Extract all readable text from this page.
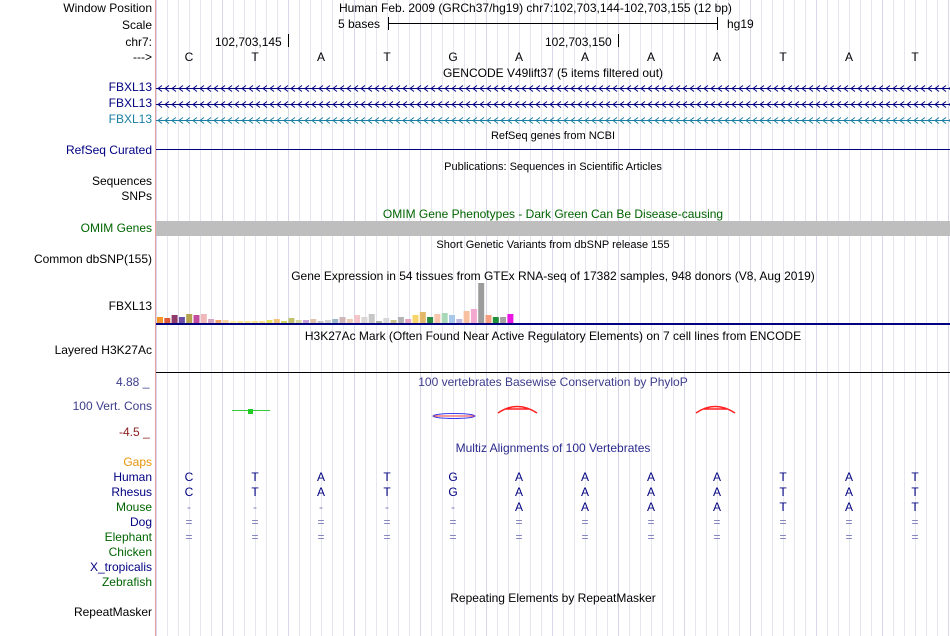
Window Position	Human Feb. 2009 (GRCh37/hg19) chr7:102,703,144-102,703,155 (12 bp)
Scale	5 bases	hg19
chr7:	102,703,145	102,703,150
--->	C	T	A	T	G	A	A	A	A	T	A	T
GENCODE V49lift37 (5 items filtered out)
FBXL13
FBXL13
FBXL13
RefSeq genes from NCBI
RefSeq Curated
Publications: Sequences in Scientific Articles
Sequences
SNPs
OMIM Gene Phenotypes - Dark Green Can Be Disease-causing
OMIM Genes
Short Genetic Variants from dbSNP release 155
Common dbSNP(155)
Gene Expression in 54 tissues from GTEx RNA-seq of 17382 samples, 948 donors (V8, Aug 2019)
FBXL13
H3K27Ac Mark (Often Found Near Active Regulatory Elements) on 7 cell lines from ENCODE
Layered H3K27Ac
100 vertebrates Basewise Conservation by PhyloP
4.88 _
100 Vert. Cons
-4.5 _
Multiz Alignments of 100 Vertebrates
Gaps
Human	C	T	A	T	G	A	A	A	A	T	A	T
Rhesus	C	T	A	T	G	A	A	A	A	T	A	T
Mouse	-	-	-	-	-	A	A	A	A	T	A	T
Dog	=	=	=	=	=	=	=	=	=	=	=	=
Elephant	=	=	=	=	=	=	=	=	=	=	=	=
Chicken
X_tropicalis
Zebrafish
Repeating Elements by RepeatMasker
RepeatMasker
